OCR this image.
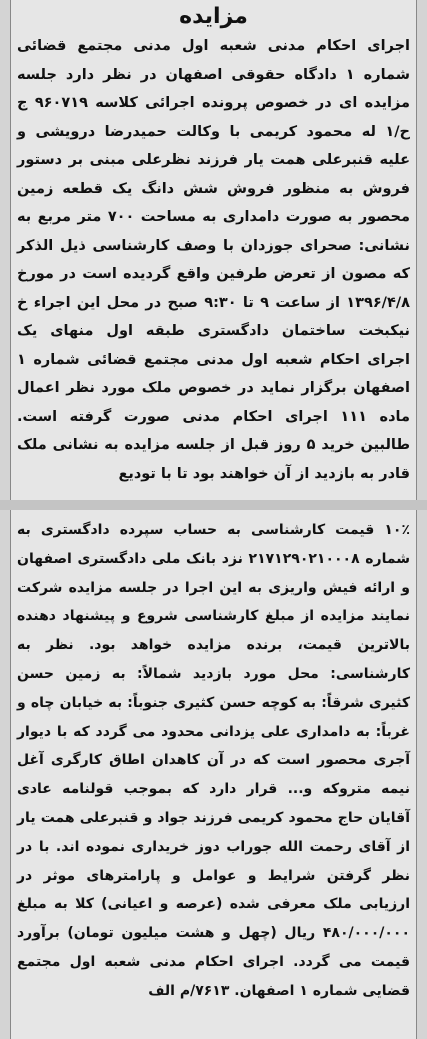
مزایده

اجرای احکام مدنی شعبه اول مدنی مجتمع قضائی شماره ۱ دادگاه حقوقی اصفهان در نظر دارد جلسه مزایده ای در خصوص پرونده اجرائی کلاسه ۹۶۰۷۱۹ ج ح/۱ له محمود کریمی با وکالت حمیدرضا درویشی و علیه قنبرعلی همت یار فرزند نظرعلی مبنی بر دستور فروش به منظور فروش شش دانگ یک قطعه زمین محصور به صورت دامداری به مساحت ۷۰۰ متر مربع به نشانی: صحرای جوزدان با وصف کارشناسی ذیل الذکر که مصون از تعرض طرفین واقع گردیده است در مورخ ۱۳۹۶/۴/۸ از ساعت ۹ تا ۹:۳۰ صبح در محل این اجراء خ نیکبخت ساختمان دادگستری طبقه اول منهای یک اجرای احکام شعبه اول مدنی مجتمع قضائی شماره ۱ اصفهان برگزار نماید در خصوص ملک مورد نظر اعمال ماده ۱۱۱ اجرای احکام مدنی صورت گرفته است. طالبین خرید ۵ روز قبل از جلسه مزایده به نشانی ملک قادر به بازدید از آن خواهند بود تا با تودیع

۱۰٪ قیمت کارشناسی به حساب سپرده دادگستری به شماره ۲۱۷۱۲۹۰۲۱۰۰۰۸ نزد بانک ملی دادگستری اصفهان و ارائه فیش واریزی به این اجرا در جلسه مزایده شرکت نمایند مزایده از مبلغ کارشناسی شروع و پیشنهاد دهنده بالاترین قیمت، برنده مزایده خواهد بود. نظر به کارشناسی: محل مورد بازدید شمالاً: به زمین حسن کثیری شرقاً: به کوچه حسن کثیری جنوباً: به خیابان چاه و غرباً: به دامداری علی یزدانی محدود می گردد که با دیوار آجری محصور است که در آن کاهدان اطاق کارگری آغل نیمه متروکه و... قرار دارد که بموجب قولنامه عادی آقایان حاج محمود کریمی فرزند جواد و قنبرعلی همت یار از آقای رحمت الله جوراب دوز خریداری نموده اند. با در نظر گرفتن شرایط و عوامل و پارامترهای موثر در ارزیابی ملک معرفی شده (عرصه و اعیانی) کلا به مبلغ ۴۸۰/۰۰۰/۰۰۰ ریال (چهل و هشت میلیون تومان) برآورد قیمت می گردد. اجرای احکام مدنی شعبه اول مجتمع قضایی شماره ۱ اصفهان. ۷۶۱۳/م الف
